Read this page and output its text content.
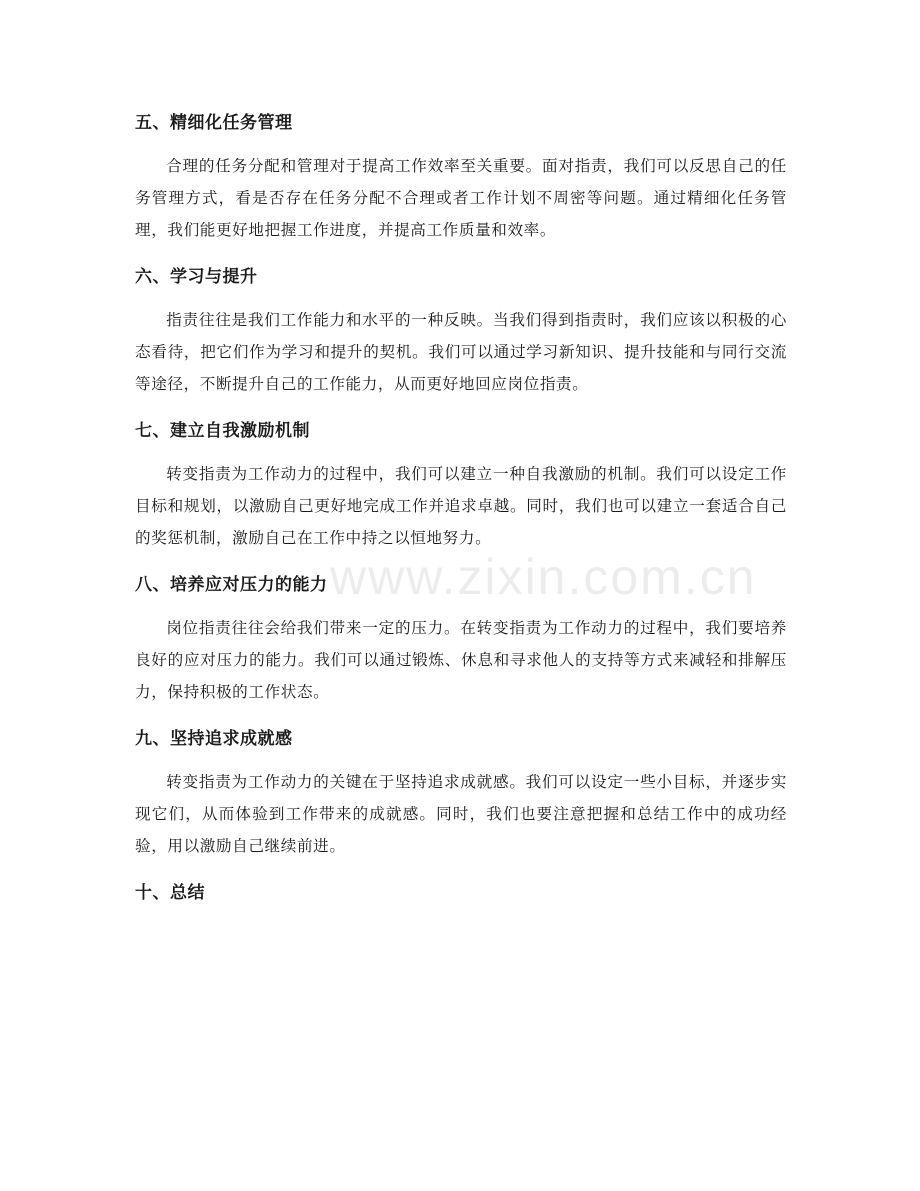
五、精细化任务管理

合理的任务分配和管理对于提高工作效率至关重要。面对指责，我们可以反思自己的任务管理方式，看是否存在任务分配不合理或者工作计划不周密等问题。通过精细化任务管理，我们能更好地把握工作进度，并提高工作质量和效率。

六、学习与提升

指责往往是我们工作能力和水平的一种反映。当我们得到指责时，我们应该以积极的心态看待，把它们作为学习和提升的契机。我们可以通过学习新知识、提升技能和与同行交流等途径，不断提升自己的工作能力，从而更好地回应岗位指责。

七、建立自我激励机制

转变指责为工作动力的过程中，我们可以建立一种自我激励的机制。我们可以设定工作目标和规划，以激励自己更好地完成工作并追求卓越。同时，我们也可以建立一套适合自己的奖惩机制，激励自己在工作中持之以恒地努力。

八、培养应对压力的能力

岗位指责往往会给我们带来一定的压力。在转变指责为工作动力的过程中，我们要培养良好的应对压力的能力。我们可以通过锻炼、休息和寻求他人的支持等方式来减轻和排解压力，保持积极的工作状态。

九、坚持追求成就感

转变指责为工作动力的关键在于坚持追求成就感。我们可以设定一些小目标，并逐步实现它们，从而体验到工作带来的成就感。同时，我们也要注意把握和总结工作中的成功经验，用以激励自己继续前进。

十、总结
www.zixin.com.cn
